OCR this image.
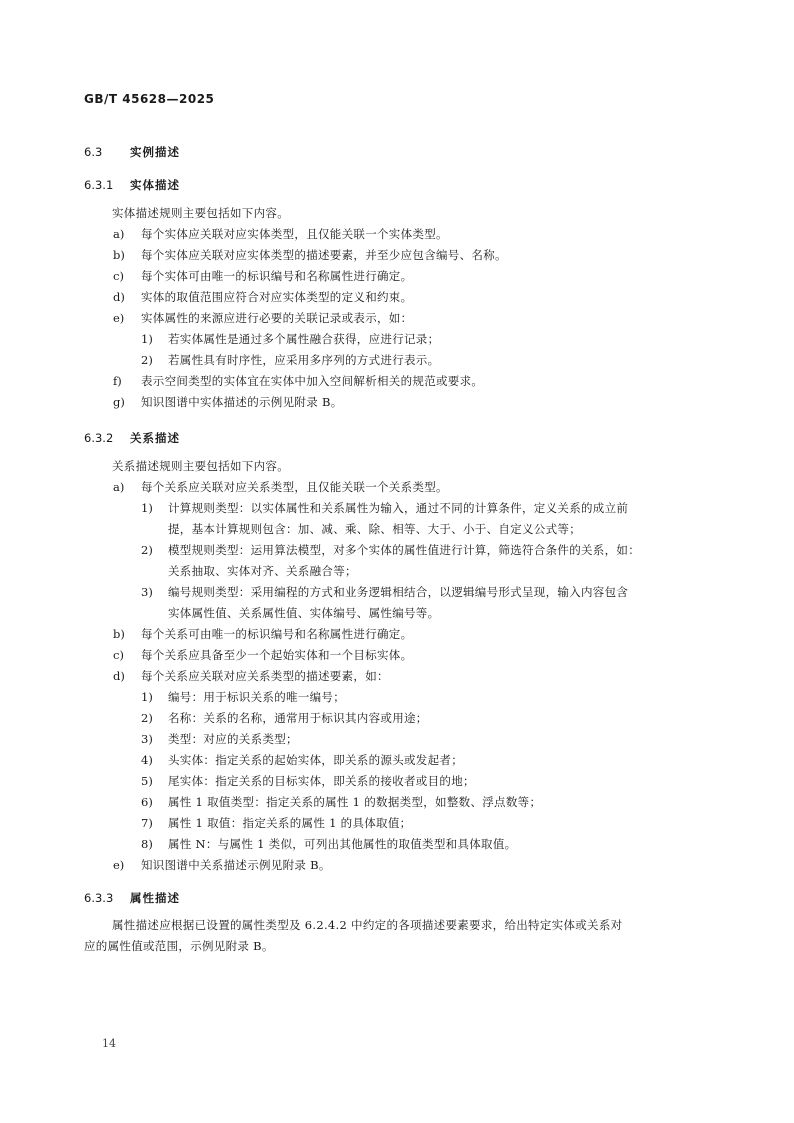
GB/T 45628—2025
6.3 实例描述
6.3.1 实体描述
实体描述规则主要包括如下内容。
a) 每个实体应关联对应实体类型，且仅能关联一个实体类型。
b) 每个实体应关联对应实体类型的描述要素，并至少应包含编号、名称。
c) 每个实体可由唯一的标识编号和名称属性进行确定。
d) 实体的取值范围应符合对应实体类型的定义和约束。
e) 实体属性的来源应进行必要的关联记录或表示，如：
1) 若实体属性是通过多个属性融合获得，应进行记录；
2) 若属性具有时序性，应采用多序列的方式进行表示。
f) 表示空间类型的实体宜在实体中加入空间解析相关的规范或要求。
g) 知识图谱中实体描述的示例见附录 B。
6.3.2 关系描述
关系描述规则主要包括如下内容。
a) 每个关系应关联对应关系类型，且仅能关联一个关系类型。
1) 计算规则类型：以实体属性和关系属性为输入，通过不同的计算条件，定义关系的成立前
提，基本计算规则包含：加、减、乘、除、相等、大于、小于、自定义公式等；
2) 模型规则类型：运用算法模型，对多个实体的属性值进行计算，筛选符合条件的关系，如：
关系抽取、实体对齐、关系融合等；
3) 编号规则类型：采用编程的方式和业务逻辑相结合，以逻辑编号形式呈现，输入内容包含
实体属性值、关系属性值、实体编号、属性编号等。
b) 每个关系可由唯一的标识编号和名称属性进行确定。
c) 每个关系应具备至少一个起始实体和一个目标实体。
d) 每个关系应关联对应关系类型的描述要素，如：
1) 编号：用于标识关系的唯一编号；
2) 名称：关系的名称，通常用于标识其内容或用途；
3) 类型：对应的关系类型；
4) 头实体：指定关系的起始实体，即关系的源头或发起者；
5) 尾实体：指定关系的目标实体，即关系的接收者或目的地；
6) 属性 1 取值类型：指定关系的属性 1 的数据类型，如整数、浮点数等；
7) 属性 1 取值：指定关系的属性 1 的具体取值；
8) 属性 N：与属性 1 类似，可列出其他属性的取值类型和具体取值。
e) 知识图谱中关系描述示例见附录 B。
6.3.3 属性描述
属性描述应根据已设置的属性类型及 6.2.4.2 中约定的各项描述要素要求，给出特定实体或关系对
应的属性值或范围，示例见附录 B。
14
